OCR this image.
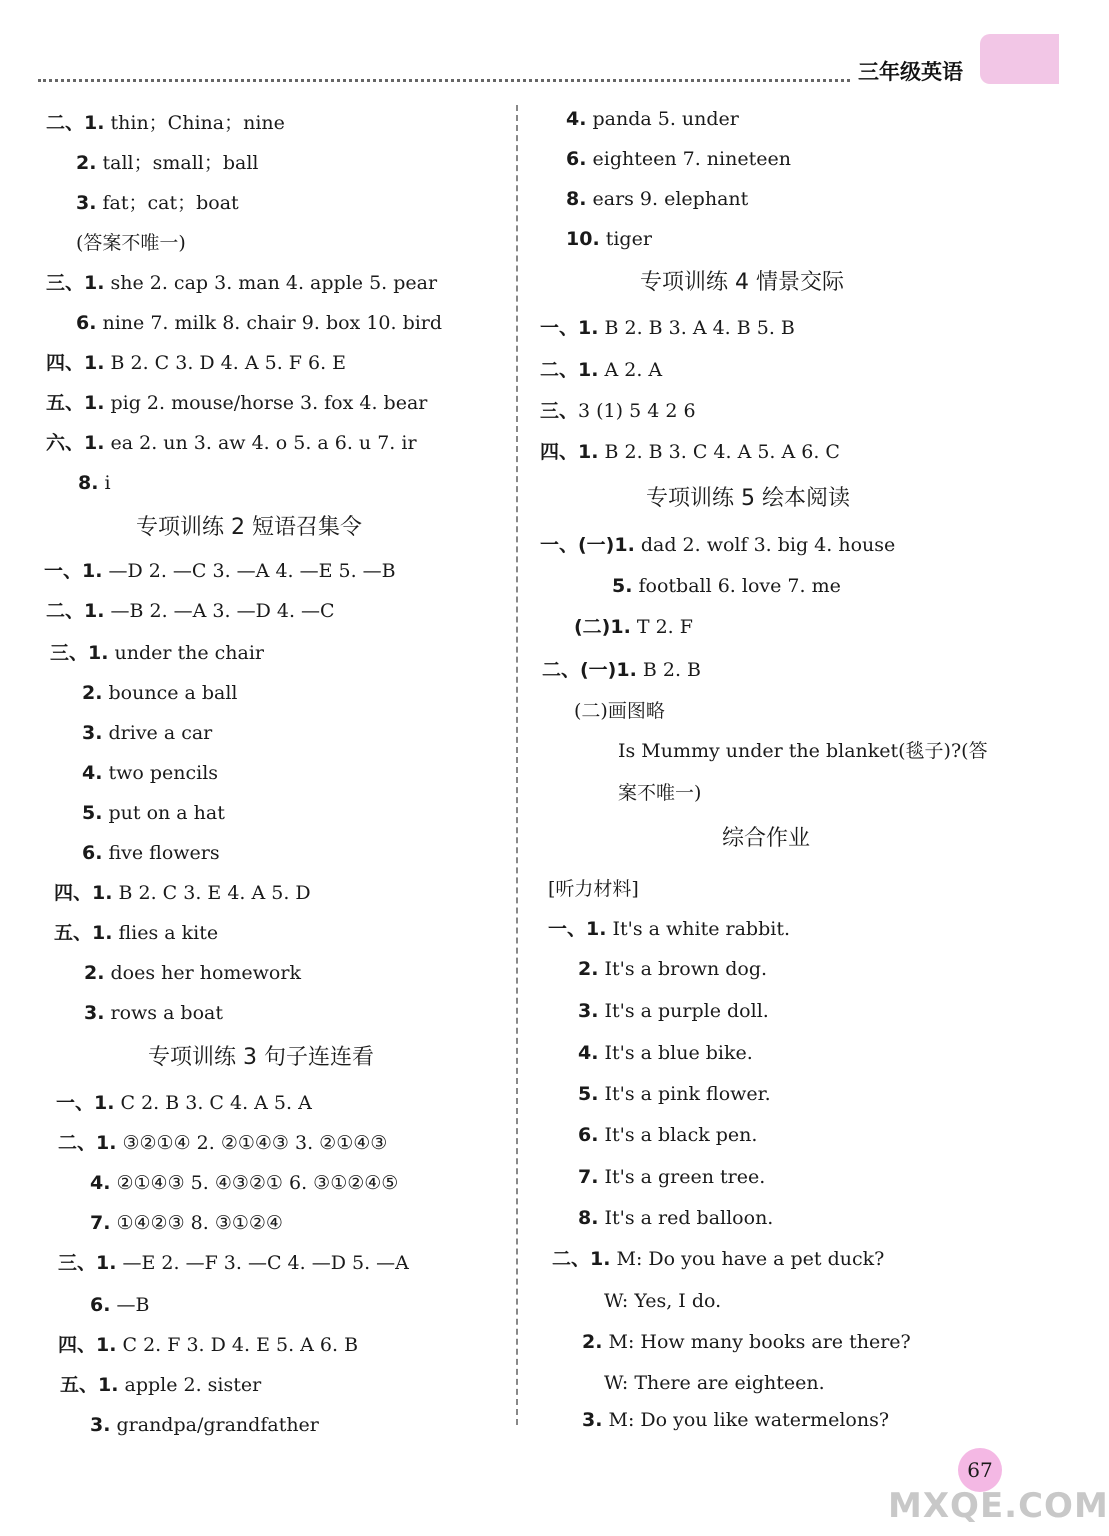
三年级英语
二、1. thin；China；nine
2. tall；small；ball
3. fat；cat；boat
(答案不唯一)
三、1. she 2. cap 3. man 4. apple 5. pear
6. nine 7. milk 8. chair 9. box 10. bird
四、1. B 2. C 3. D 4. A 5. F 6. E
五、1. pig 2. mouse/horse 3. fox 4. bear
六、1. ea 2. un 3. aw 4. o 5. a 6. u 7. ir
8. i
专项训练 2 短语召集令
一、1. —D 2. —C 3. —A 4. —E 5. —B
二、1. —B 2. —A 3. —D 4. —C
三、1. under the chair
2. bounce a ball
3. drive a car
4. two pencils
5. put on a hat
6. five flowers
四、1. B 2. C 3. E 4. A 5. D
五、1. flies a kite
2. does her homework
3. rows a boat
专项训练 3 句子连连看
一、1. C 2. B 3. C 4. A 5. A
二、1. ③②①④ 2. ②①④③ 3. ②①④③
4. ②①④③ 5. ④③②① 6. ③①②④⑤
7. ①④②③ 8. ③①②④
三、1. —E 2. —F 3. —C 4. —D 5. —A
6. —B
四、1. C 2. F 3. D 4. E 5. A 6. B
五、1. apple 2. sister
3. grandpa/grandfather
4. panda 5. under
6. eighteen 7. nineteen
8. ears 9. elephant
10. tiger
专项训练 4 情景交际
一、1. B 2. B 3. A 4. B 5. B
二、1. A 2. A
三、3 (1) 5 4 2 6
四、1. B 2. B 3. C 4. A 5. A 6. C
专项训练 5 绘本阅读
一、(一)1. dad 2. wolf 3. big 4. house
5. football 6. love 7. me
(二)1. T 2. F
二、(一)1. B 2. B
(二)画图略
Is Mummy under the blanket(毯子)?(答
案不唯一)
综合作业
[听力材料]
一、1. It's a white rabbit.
2. It's a brown dog.
3. It's a purple doll.
4. It's a blue bike.
5. It's a pink flower.
6. It's a black pen.
7. It's a green tree.
8. It's a red balloon.
二、1. M: Do you have a pet duck?
W: Yes, I do.
2. M: How many books are there?
W: There are eighteen.
3. M: Do you like watermelons?
67
MXQE.COM
